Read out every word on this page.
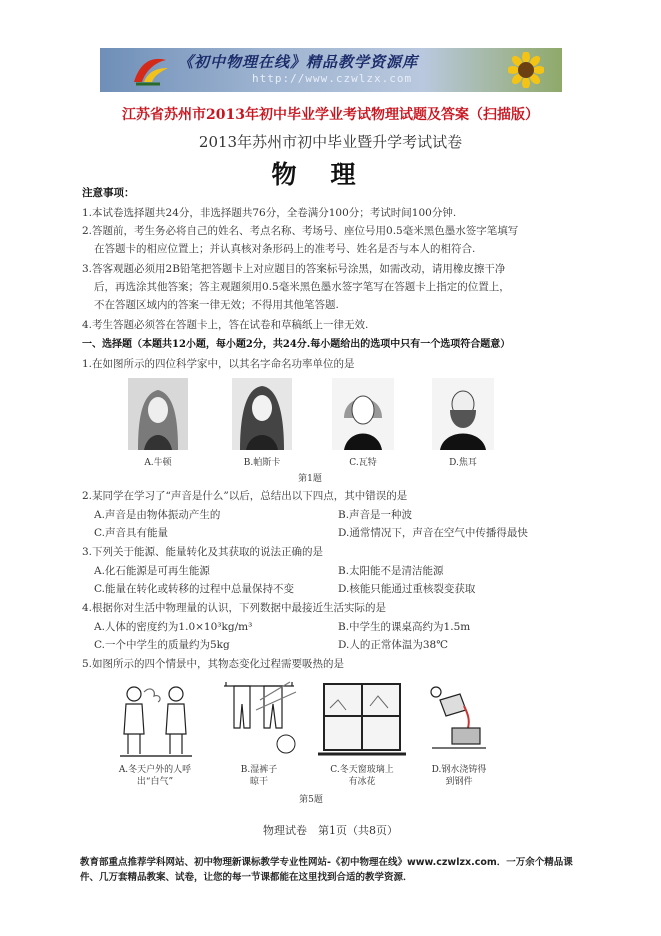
《初中物理在线》精品教学资源库
http://www.czwlzx.com
江苏省苏州市2013年初中毕业学业考试物理试题及答案（扫描版）
2013年苏州市初中毕业暨升学考试试卷
物理
注意事项：
1.本试卷选择题共24分，非选择题共76分，全卷满分100分；考试时间100分钟.
2.答题前，考生务必将自己的姓名、考点名称、考场号、座位号用0.5毫米黑色墨水签字笔填写
在答题卡的相应位置上；并认真核对条形码上的准考号、姓名是否与本人的相符合.
3.答客观题必须用2B铅笔把答题卡上对应题目的答案标号涂黑，如需改动，请用橡皮擦干净
后，再选涂其他答案；答主观题须用0.5毫米黑色墨水签字笔写在答题卡上指定的位置上，
不在答题区域内的答案一律无效；不得用其他笔答题.
4.考生答题必须答在答题卡上，答在试卷和草稿纸上一律无效.
一、选择题（本题共12小题，每小题2分，共24分.每小题给出的选项中只有一个选项符合题意）
1.在如图所示的四位科学家中，以其名字命名功率单位的是
A.牛顿	B.帕斯卡	C.瓦特	D.焦耳
第1题
2.某同学在学习了“声音是什么”以后，总结出以下四点，其中错误的是
A.声音是由物体振动产生的	B.声音是一种波
C.声音具有能量	D.通常情况下，声音在空气中传播得最快
3.下列关于能源、能量转化及其获取的说法正确的是
A.化石能源是可再生能源	B.太阳能不是清洁能源
C.能量在转化或转移的过程中总量保持不变	D.核能只能通过重核裂变获取
4.根据你对生活中物理量的认识，下列数据中最接近生活实际的是
A.人体的密度约为1.0×10³kg/m³	B.中学生的课桌高约为1.5m
C.一个中学生的质量约为5kg	D.人的正常体温为38℃
5.如图所示的四个情景中，其物态变化过程需要吸热的是
A.冬天户外的人呼
出“白气”
B.湿裤子
晾干
C.冬天窗玻璃上
有冰花
D.钢水浇铸得
到钢件
第5题
物理试卷　第1页（共8页）
教育部重点推荐学科网站、初中物理新课标教学专业性网站-《初中物理在线》www.czwlzx.com．一万余个精品课
件、几万套精品教案、试卷，让您的每一节课都能在这里找到合适的教学资源．
